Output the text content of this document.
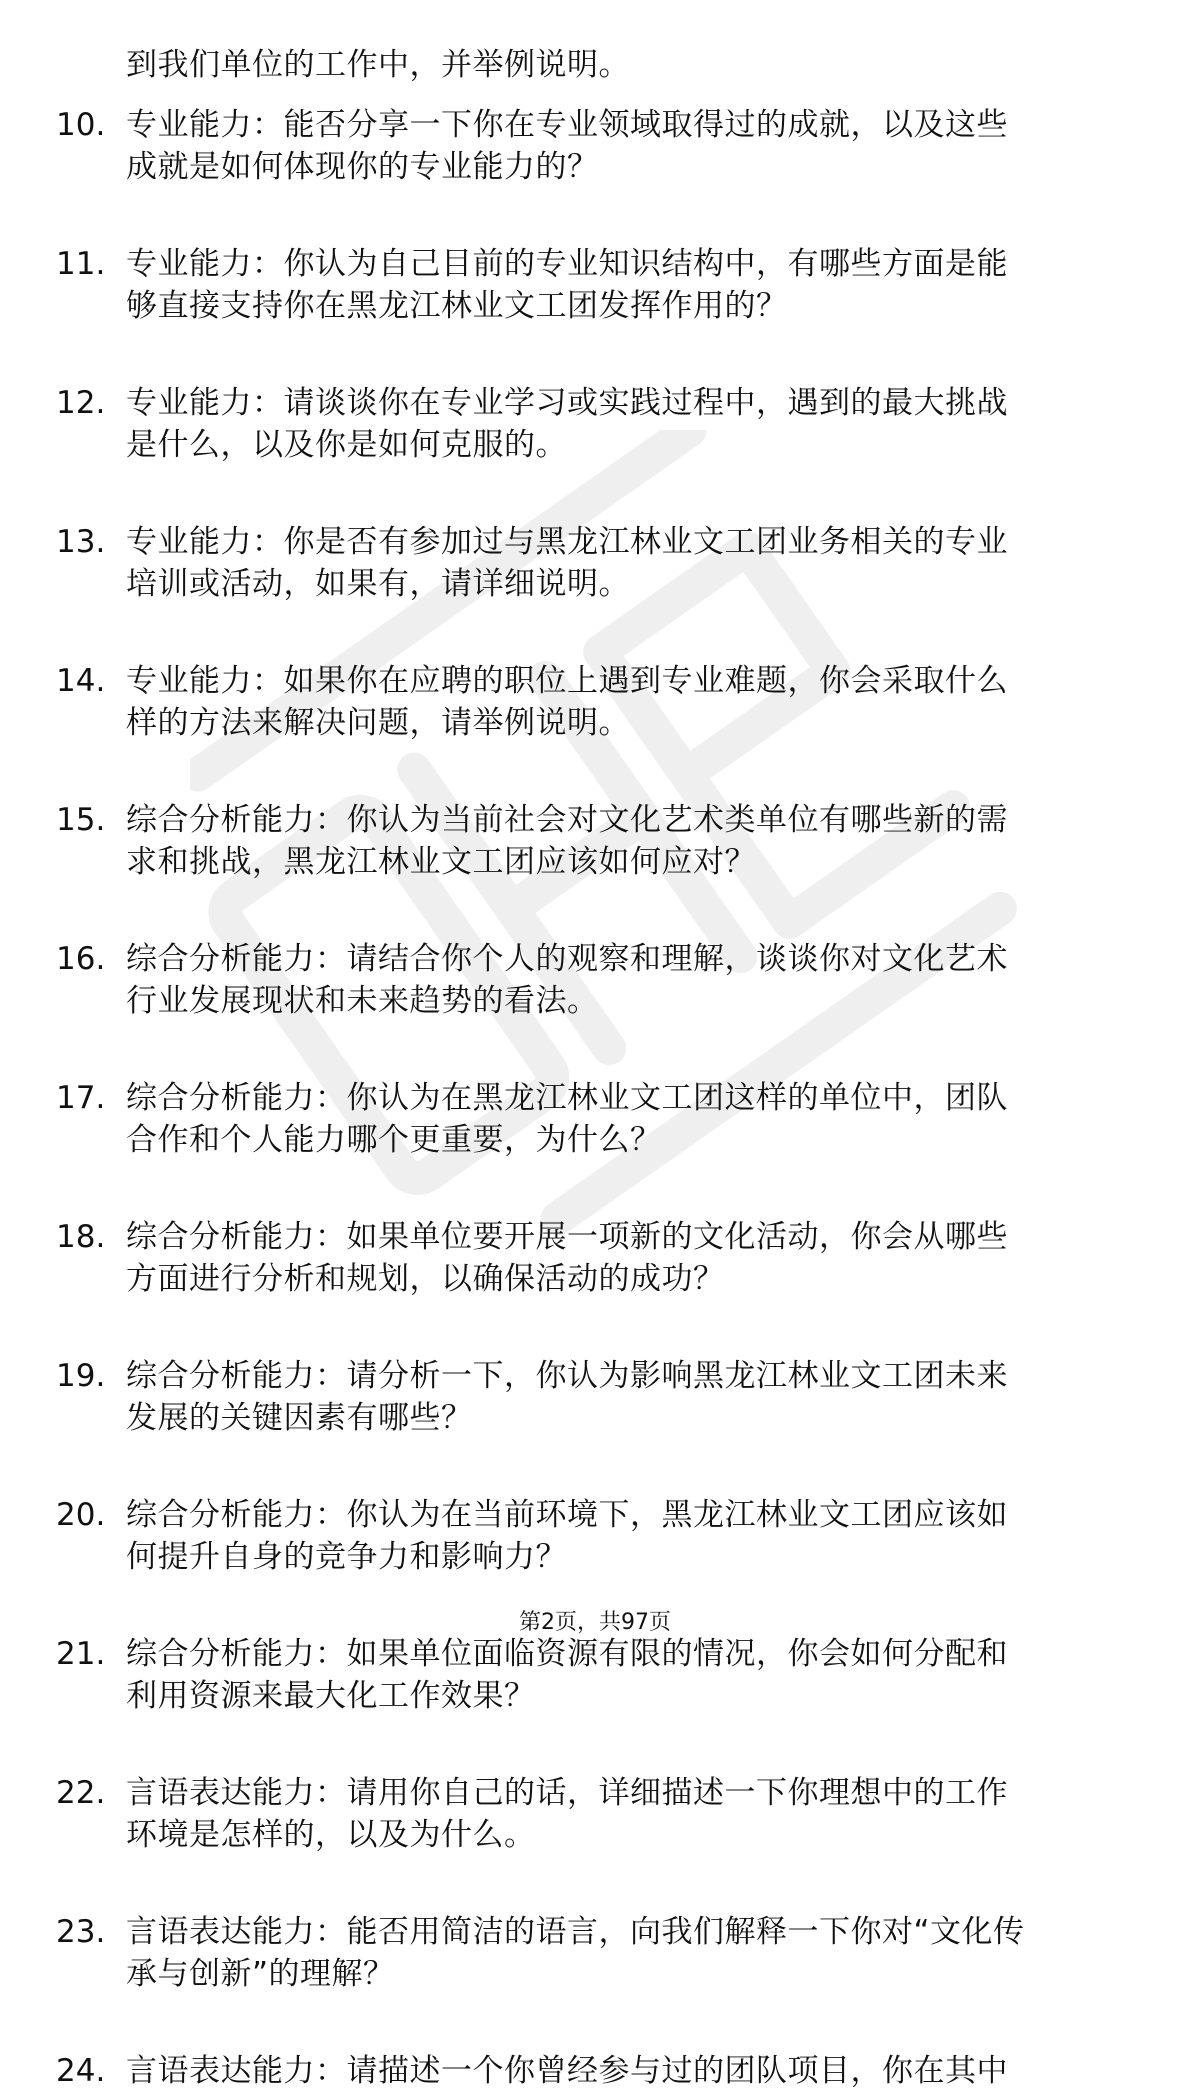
到我们单位的工作中，并举例说明。
10. 专业能力：能否分享一下你在专业领域取得过的成就，以及这些
成就是如何体现你的专业能力的？
11. 专业能力：你认为自己目前的专业知识结构中，有哪些方面是能
够直接支持你在黑龙江林业文工团发挥作用的？
12. 专业能力：请谈谈你在专业学习或实践过程中，遇到的最大挑战
是什么，以及你是如何克服的。
13. 专业能力：你是否有参加过与黑龙江林业文工团业务相关的专业
培训或活动，如果有，请详细说明。
14. 专业能力：如果你在应聘的职位上遇到专业难题，你会采取什么
样的方法来解决问题，请举例说明。
15. 综合分析能力：你认为当前社会对文化艺术类单位有哪些新的需
求和挑战，黑龙江林业文工团应该如何应对？
16. 综合分析能力：请结合你个人的观察和理解，谈谈你对文化艺术
行业发展现状和未来趋势的看法。
17. 综合分析能力：你认为在黑龙江林业文工团这样的单位中，团队
合作和个人能力哪个更重要，为什么？
18. 综合分析能力：如果单位要开展一项新的文化活动，你会从哪些
方面进行分析和规划，以确保活动的成功？
19. 综合分析能力：请分析一下，你认为影响黑龙江林业文工团未来
发展的关键因素有哪些？
20. 综合分析能力：你认为在当前环境下，黑龙江林业文工团应该如
何提升自身的竞争力和影响力？
21. 综合分析能力：如果单位面临资源有限的情况，你会如何分配和
利用资源来最大化工作效果？
22. 言语表达能力：请用你自己的话，详细描述一下你理想中的工作
环境是怎样的，以及为什么。
23. 言语表达能力：能否用简洁的语言，向我们解释一下你对“文化传
承与创新”的理解？
24. 言语表达能力：请描述一个你曾经参与过的团队项目，你在其中
第2页，共97页
